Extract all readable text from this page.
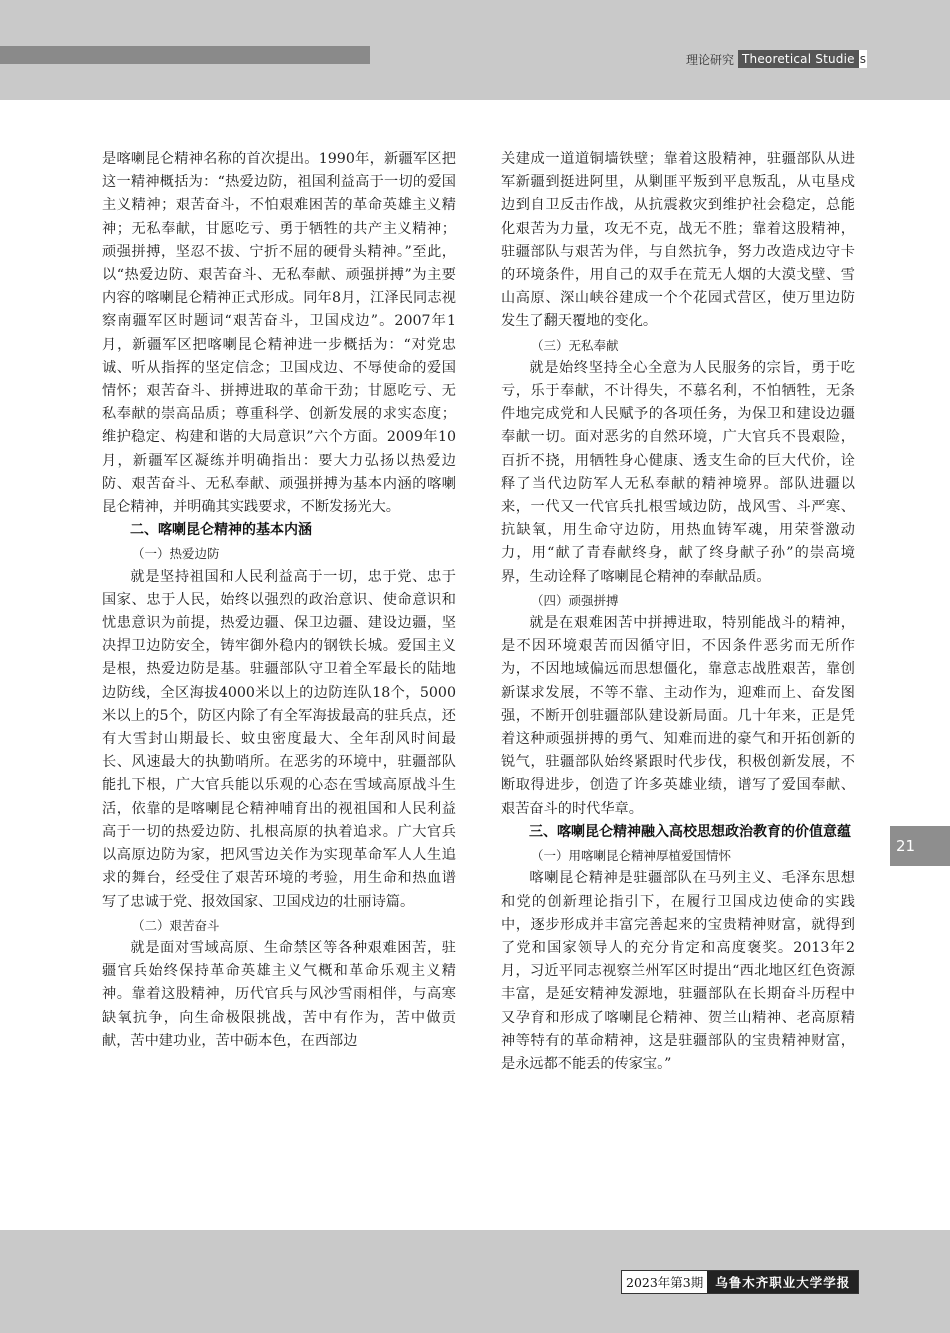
理论研究 Theoretical Studie s

是喀喇昆仑精神名称的首次提出。1990年，新疆军区把这一精神概括为：“热爱边防，祖国利益高于一切的爱国主义精神；艰苦奋斗，不怕艰难困苦的革命英雄主义精神；无私奉献，甘愿吃亏、勇于牺牲的共产主义精神；顽强拼搏，坚忍不拔、宁折不屈的硬骨头精神。”至此，以“热爱边防、艰苦奋斗、无私奉献、顽强拼搏”为主要内容的喀喇昆仑精神正式形成。同年8月，江泽民同志视察南疆军区时题词“艰苦奋斗，卫国戍边”。2007年1月，新疆军区把喀喇昆仑精神进一步概括为：“对党忠诚、听从指挥的坚定信念；卫国戍边、不辱使命的爱国情怀；艰苦奋斗、拼搏进取的革命干劲；甘愿吃亏、无私奉献的崇高品质；尊重科学、创新发展的求实态度；维护稳定、构建和谐的大局意识”六个方面。2009年10月，新疆军区凝练并明确指出：要大力弘扬以热爱边防、艰苦奋斗、无私奉献、顽强拼搏为基本内涵的喀喇昆仑精神，并明确其实践要求，不断发扬光大。

二、喀喇昆仑精神的基本内涵
（一）热爱边防

就是坚持祖国和人民利益高于一切，忠于党、忠于国家、忠于人民，始终以强烈的政治意识、使命意识和忧患意识为前提，热爱边疆、保卫边疆、建设边疆，坚决捍卫边防安全，铸牢御外稳内的钢铁长城。爱国主义是根，热爱边防是基。驻疆部队守卫着全军最长的陆地边防线，全区海拔4000米以上的边防连队18个，5000米以上的5个，防区内除了有全军海拔最高的驻兵点，还有大雪封山期最长、蚊虫密度最大、全年刮风时间最长、风速最大的执勤哨所。在恶劣的环境中，驻疆部队能扎下根，广大官兵能以乐观的心态在雪域高原战斗生活，依靠的是喀喇昆仑精神哺育出的视祖国和人民利益高于一切的热爱边防、扎根高原的执着追求。广大官兵以高原边防为家，把风雪边关作为实现革命军人人生追求的舞台，经受住了艰苦环境的考验，用生命和热血谱写了忠诚于党、报效国家、卫国戍边的壮丽诗篇。

（二）艰苦奋斗

就是面对雪域高原、生命禁区等各种艰难困苦，驻疆官兵始终保持革命英雄主义气概和革命乐观主义精神。靠着这股精神，历代官兵与风沙雪雨相伴，与高寒缺氧抗争，向生命极限挑战，苦中有作为，苦中做贡献，苦中建功业，苦中砺本色，在西部边

关建成一道道铜墙铁壁；靠着这股精神，驻疆部队从进军新疆到挺进阿里，从剿匪平叛到平息叛乱，从屯垦戍边到自卫反击作战，从抗震救灾到维护社会稳定，总能化艰苦为力量，攻无不克，战无不胜；靠着这股精神，驻疆部队与艰苦为伴，与自然抗争，努力改造戍边守卡的环境条件，用自己的双手在荒无人烟的大漠戈壁、雪山高原、深山峡谷建成一个个花园式营区，使万里边防发生了翻天覆地的变化。

（三）无私奉献

就是始终坚持全心全意为人民服务的宗旨，勇于吃亏，乐于奉献，不计得失，不慕名利，不怕牺牲，无条件地完成党和人民赋予的各项任务，为保卫和建设边疆奉献一切。面对恶劣的自然环境，广大官兵不畏艰险，百折不挠，用牺牲身心健康、透支生命的巨大代价，诠释了当代边防军人无私奉献的精神境界。部队进疆以来，一代又一代官兵扎根雪域边防，战风雪、斗严寒、抗缺氧，用生命守边防，用热血铸军魂，用荣誉激动力，用“献了青春献终身，献了终身献子孙”的崇高境界，生动诠释了喀喇昆仑精神的奉献品质。

（四）顽强拼搏

就是在艰难困苦中拼搏进取，特别能战斗的精神，是不因环境艰苦而因循守旧，不因条件恶劣而无所作为，不因地域偏远而思想僵化，靠意志战胜艰苦，靠创新谋求发展，不等不靠、主动作为，迎难而上、奋发图强，不断开创驻疆部队建设新局面。几十年来，正是凭着这种顽强拼搏的勇气、知难而进的豪气和开拓创新的锐气，驻疆部队始终紧跟时代步伐，积极创新发展，不断取得进步，创造了许多英雄业绩，谱写了爱国奉献、艰苦奋斗的时代华章。

三、喀喇昆仑精神融入高校思想政治教育的价值意蕴
（一）用喀喇昆仑精神厚植爱国情怀

喀喇昆仑精神是驻疆部队在马列主义、毛泽东思想和党的创新理论指引下，在履行卫国戍边使命的实践中，逐步形成并丰富完善起来的宝贵精神财富，就得到了党和国家领导人的充分肯定和高度褒奖。2013年2月，习近平同志视察兰州军区时提出“西北地区红色资源丰富，是延安精神发源地，驻疆部队在长期奋斗历程中又孕育和形成了喀喇昆仑精神、贺兰山精神、老高原精神等特有的革命精神，这是驻疆部队的宝贵精神财富，是永远都不能丢的传家宝。”

21
2023年第3期 乌鲁木齐职业大学学报
